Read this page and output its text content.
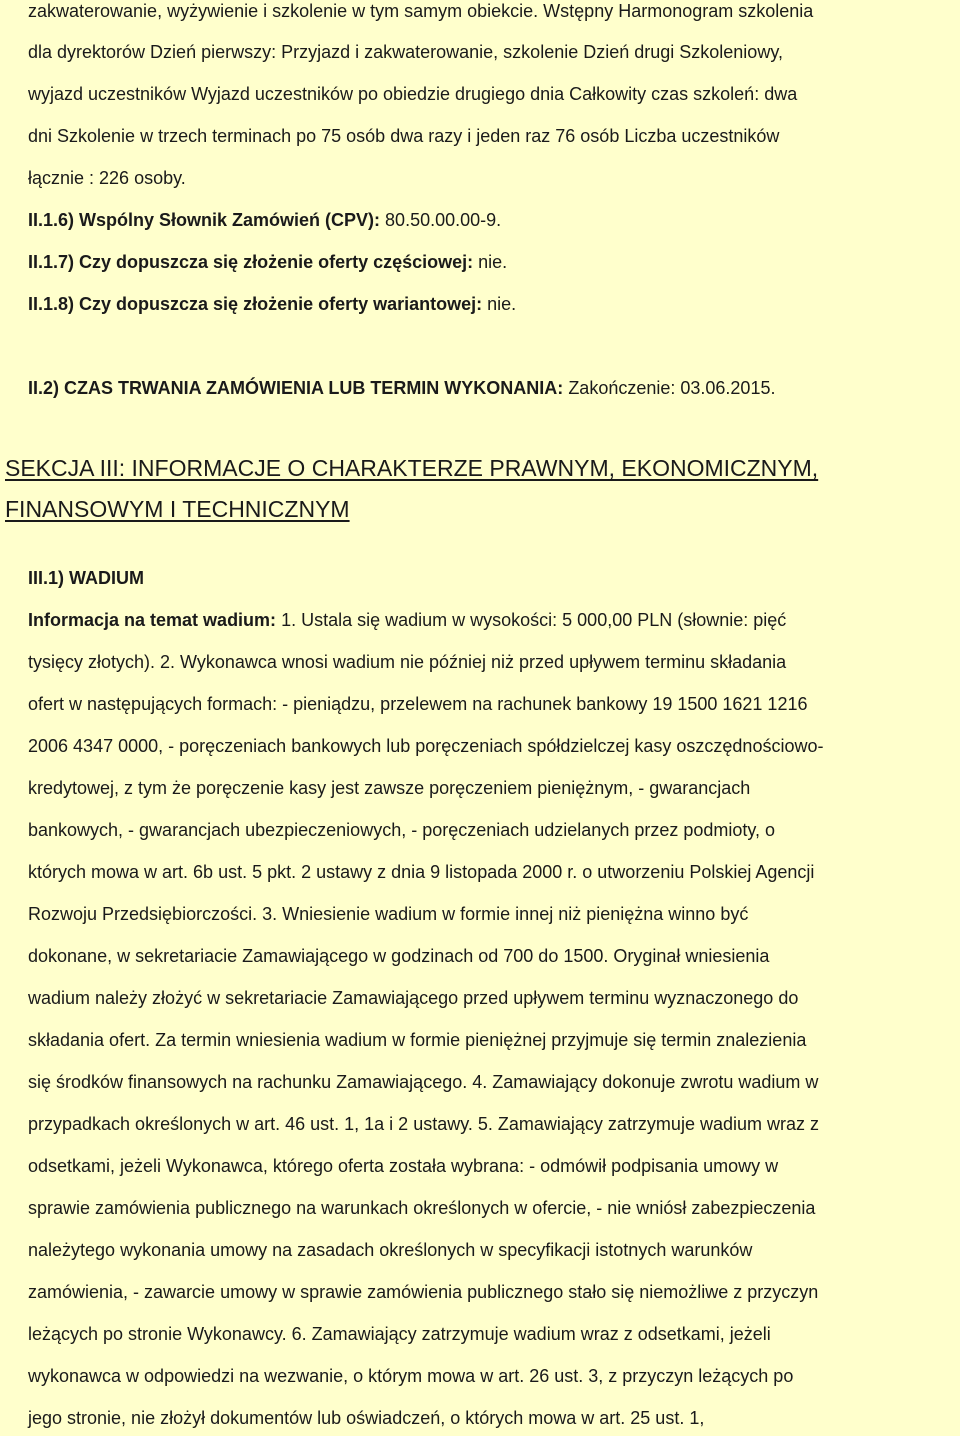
zakwaterowanie, wyżywienie i szkolenie w tym samym obiekcie. Wstępny Harmonogram szkolenia
dla dyrektorów Dzień pierwszy: Przyjazd i zakwaterowanie, szkolenie Dzień drugi Szkoleniowy,
wyjazd uczestników Wyjazd uczestników po obiedzie drugiego dnia Całkowity czas szkoleń: dwa
dni Szkolenie w trzech terminach po 75 osób dwa razy i jeden raz 76 osób Liczba uczestników
łącznie : 226 osoby.
II.1.6) Wspólny Słownik Zamówień (CPV): 80.50.00.00-9.
II.1.7) Czy dopuszcza się złożenie oferty częściowej: nie.
II.1.8) Czy dopuszcza się złożenie oferty wariantowej: nie.
II.2) CZAS TRWANIA ZAMÓWIENIA LUB TERMIN WYKONANIA: Zakończenie: 03.06.2015.
SEKCJA III: INFORMACJE O CHARAKTERZE PRAWNYM, EKONOMICZNYM,
FINANSOWYM I TECHNICZNYM
III.1) WADIUM
Informacja na temat wadium: 1. Ustala się wadium w wysokości: 5 000,00 PLN (słownie: pięć
tysięcy złotych). 2. Wykonawca wnosi wadium nie później niż przed upływem terminu składania
ofert w następujących formach: - pieniądzu, przelewem na rachunek bankowy 19 1500 1621 1216
2006 4347 0000, - poręczeniach bankowych lub poręczeniach spółdzielczej kasy oszczędnościowo-
kredytowej, z tym że poręczenie kasy jest zawsze poręczeniem pieniężnym, - gwarancjach
bankowych, - gwarancjach ubezpieczeniowych, - poręczeniach udzielanych przez podmioty, o
których mowa w art. 6b ust. 5 pkt. 2 ustawy z dnia 9 listopada 2000 r. o utworzeniu Polskiej Agencji
Rozwoju Przedsiębiorczości. 3. Wniesienie wadium w formie innej niż pieniężna winno być
dokonane, w sekretariacie Zamawiającego w godzinach od 700 do 1500. Oryginał wniesienia
wadium należy złożyć w sekretariacie Zamawiającego przed upływem terminu wyznaczonego do
składania ofert. Za termin wniesienia wadium w formie pieniężnej przyjmuje się termin znalezienia
się środków finansowych na rachunku Zamawiającego. 4. Zamawiający dokonuje zwrotu wadium w
przypadkach określonych w art. 46 ust. 1, 1a i 2 ustawy. 5. Zamawiający zatrzymuje wadium wraz z
odsetkami, jeżeli Wykonawca, którego oferta została wybrana: - odmówił podpisania umowy w
sprawie zamówienia publicznego na warunkach określonych w ofercie, - nie wniósł zabezpieczenia
należytego wykonania umowy na zasadach określonych w specyfikacji istotnych warunków
zamówienia, - zawarcie umowy w sprawie zamówienia publicznego stało się niemożliwe z przyczyn
leżących po stronie Wykonawcy. 6. Zamawiający zatrzymuje wadium wraz z odsetkami, jeżeli
wykonawca w odpowiedzi na wezwanie, o którym mowa w art. 26 ust. 3, z przyczyn leżących po
jego stronie, nie złożył dokumentów lub oświadczeń, o których mowa w art. 25 ust. 1,
